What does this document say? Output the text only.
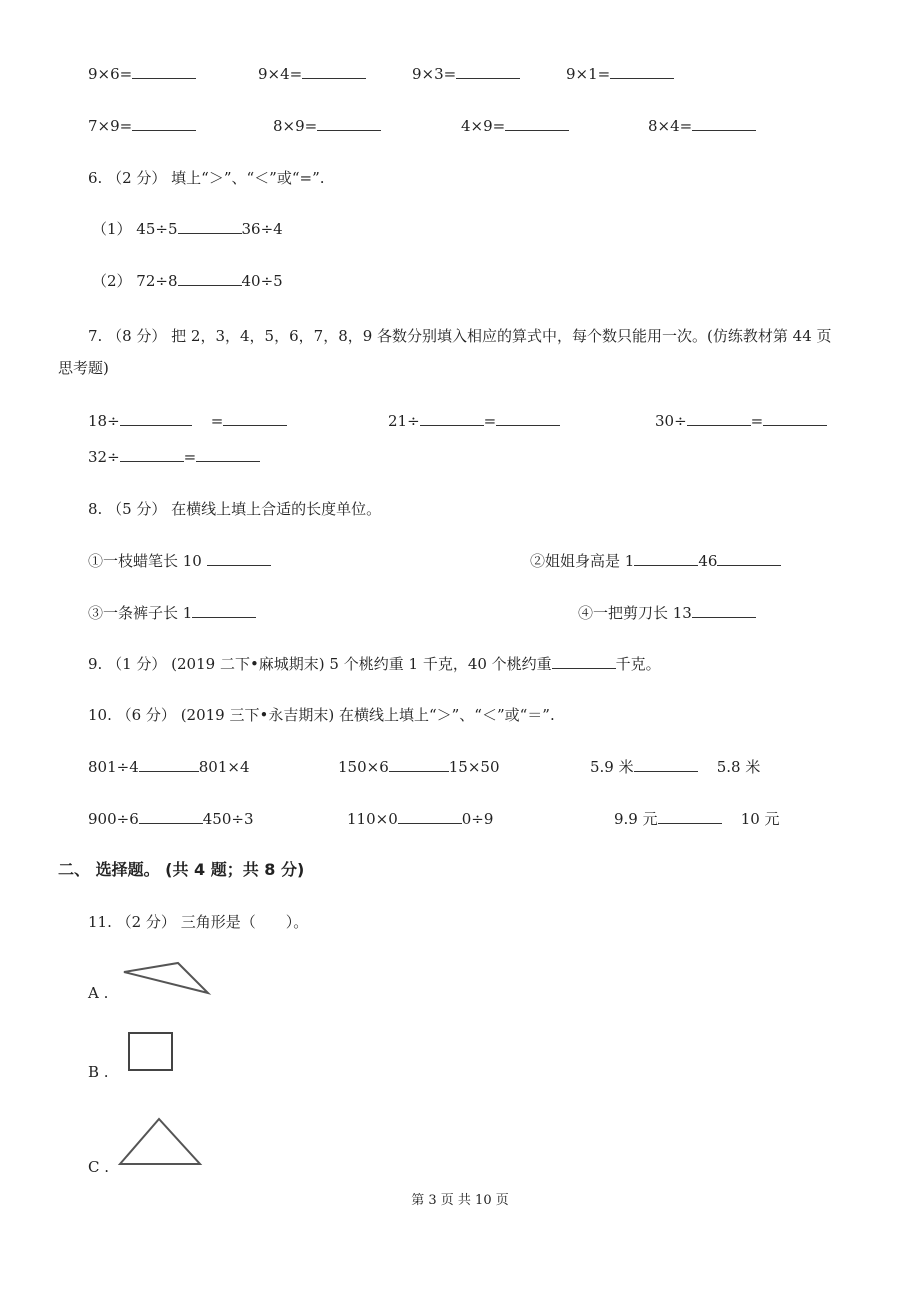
9×6=	9×4=	9×3=	9×1=
7×9=	8×9=	4×9=	8×4=
6. （2 分） 填上“＞”、“＜”或“=”.
（1） 45÷5	36÷4
（2） 72÷8	40÷5
7. （8 分） 把 2，3，4，5，6，7，8，9 各数分别填入相应的算式中，每个数只能用一次。(仿练教材第 44 页
思考题)
18÷	=	21÷	=	30÷	=
32÷	=
8. （5 分） 在横线上填上合适的长度单位。
①一枝蜡笔长 10	②姐姐身高是 1	46
③一条裤子长 1	④一把剪刀长 13
9. （1 分） (2019 二下•麻城期末) 5 个桃约重 1 千克，40 个桃约重	千克。
10. （6 分） (2019 三下•永吉期末) 在横线上填上“＞”、“＜”或“＝”.
801÷4	801×4	150×6	15×50	5.9 米	5.8 米
900÷6	450÷3	110×0	0÷9	9.9 元	10 元
二、 选择题。 (共 4 题；共 8 分)
11. （2 分） 三角形是（　　）。
A .
B .
C .
第 3 页 共 10 页
